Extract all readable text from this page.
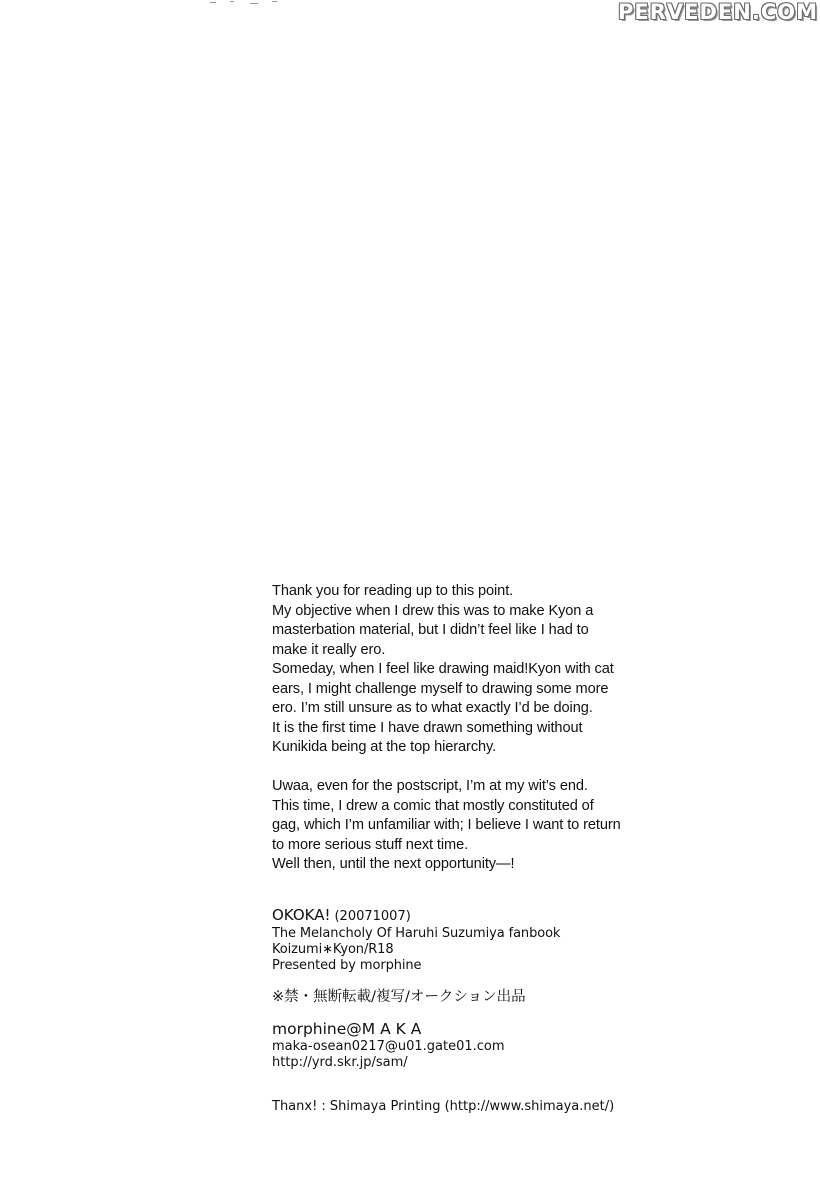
PERVEDEN.COM

Thank you for reading up to this point.

My objective when I drew this was to make Kyon a

masterbation material, but I didn’t feel like I had to

make it really ero.

Someday, when I feel like drawing maid!Kyon with cat

ears, I might challenge myself to drawing some more

ero. I’m still unsure as to what exactly I’d be doing.

It is the first time I have drawn something without

Kunikida being at the top hierarchy.

Uwaa, even for the postscript, I’m at my wit’s end.

This time, I drew a comic that mostly constituted of

gag, which I’m unfamiliar with; I believe I want to return

to more serious stuff next time.

Well then, until the next opportunity—!

OKOKA! (20071007)
The Melancholy Of Haruhi Suzumiya fanbook
Koizumi∗Kyon/R18
Presented by morphine
※禁・無断転載/複写/オークション出品
morphine@M A K A
maka-osean0217@u01.gate01.com
http://yrd.skr.jp/sam/
Thanx! : Shimaya Printing (http://www.shimaya.net/)
